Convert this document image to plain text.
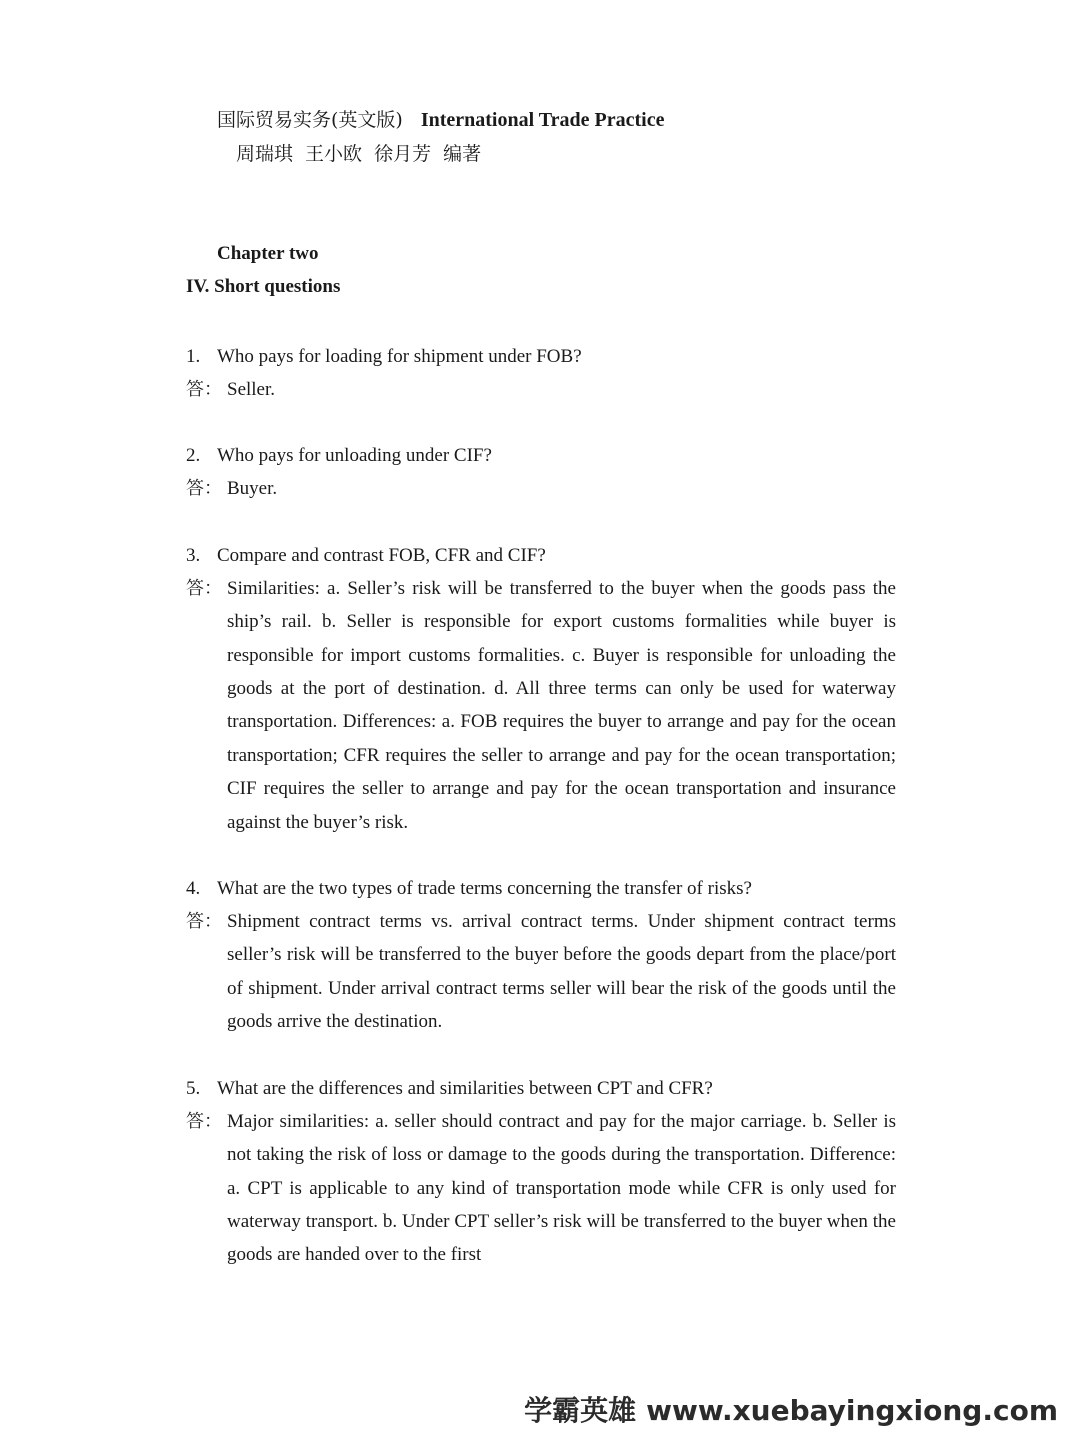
国际贸易实务(英文版) International Trade Practice
周瑞琪 王小欧 徐月芳 编著
Chapter two
IV. Short questions
1. Who pays for loading for shipment under FOB?
答： Seller.
2. Who pays for unloading under CIF?
答： Buyer.
3. Compare and contrast FOB, CFR and CIF?
答： Similarities: a. Seller’s risk will be transferred to the buyer when the goods pass the ship’s rail. b. Seller is responsible for export customs formalities while buyer is responsible for import customs formalities. c. Buyer is responsible for unloading the goods at the port of destination. d. All three terms can only be used for waterway transportation. Differences: a. FOB requires the buyer to arrange and pay for the ocean transportation; CFR requires the seller to arrange and pay for the ocean transportation; CIF requires the seller to arrange and pay for the ocean transportation and insurance against the buyer’s risk.
4. What are the two types of trade terms concerning the transfer of risks?
答： Shipment contract terms vs. arrival contract terms. Under shipment contract terms seller’s risk will be transferred to the buyer before the goods depart from the place/port of shipment. Under arrival contract terms seller will bear the risk of the goods until the goods arrive the destination.
5. What are the differences and similarities between CPT and CFR?
答： Major similarities: a. seller should contract and pay for the major carriage. b. Seller is not taking the risk of loss or damage to the goods during the transportation. Difference: a. CPT is applicable to any kind of transportation mode while CFR is only used for waterway transport. b. Under CPT seller’s risk will be transferred to the buyer when the goods are handed over to the first
学霸英雄 www.xuebayingxiong.com
